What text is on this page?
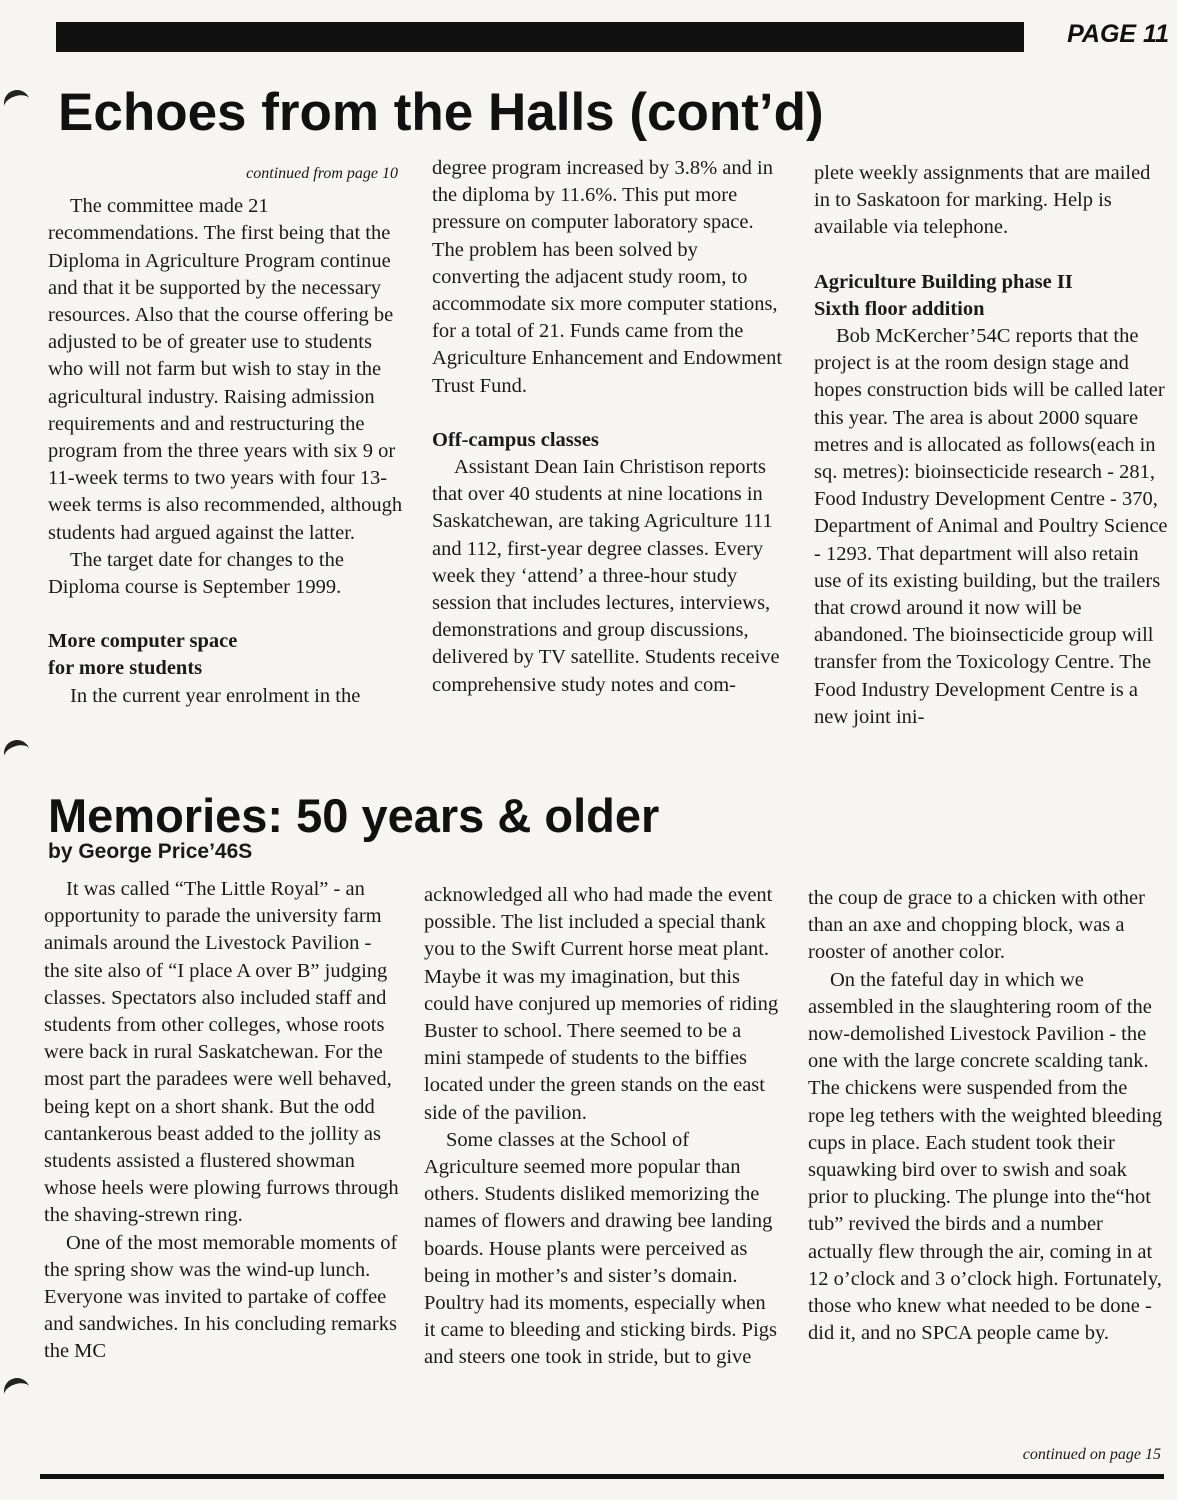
PAGE 11
Echoes from the Halls (cont’d)
continued from page 10

The committee made 21 recommendations. The first being that the Diploma in Agriculture Program continue and that it be supported by the necessary resources. Also that the course offering be adjusted to be of greater use to students who will not farm but wish to stay in the agricultural industry. Raising admission requirements and and restructuring the program from the three years with six 9 or 11-week terms to two years with four 13-week terms is also recommended, although students had argued against the latter.

The target date for changes to the Diploma course is September 1999.

More computer space
for more students

In the current year enrolment in the

degree program increased by 3.8% and in the diploma by 11.6%. This put more pressure on computer laboratory space. The problem has been solved by converting the adjacent study room, to accommodate six more computer stations, for a total of 21. Funds came from the Agriculture Enhancement and Endowment Trust Fund.

Off-campus classes

Assistant Dean Iain Christison reports that over 40 students at nine locations in Saskatchewan, are taking Agriculture 111 and 112, first-year degree classes. Every week they ‘attend’ a three-hour study session that includes lectures, interviews, demonstrations and group discussions, delivered by TV satellite. Students receive comprehensive study notes and com-

plete weekly assignments that are mailed in to Saskatoon for marking. Help is available via telephone.

Agriculture Building phase II
Sixth floor addition

Bob McKercher’54C reports that the project is at the room design stage and hopes construction bids will be called later this year. The area is about 2000 square metres and is allocated as follows(each in sq. metres): bioinsecticide research - 281, Food Industry Development Centre - 370, Department of Animal and Poultry Science - 1293. That department will also retain use of its existing building, but the trailers that crowd around it now will be abandoned. The bioinsecticide group will transfer from the Toxicology Centre. The Food Industry Development Centre is a new joint ini-

Memories: 50 years & older
by George Price’46S

It was called “The Little Royal” - an opportunity to parade the university farm animals around the Livestock Pavilion - the site also of “I place A over B” judging classes. Spectators also included staff and students from other colleges, whose roots were back in rural Saskatchewan. For the most part the paradees were well behaved, being kept on a short shank. But the odd cantankerous beast added to the jollity as students assisted a flustered showman whose heels were plowing furrows through the shaving-strewn ring.

One of the most memorable moments of the spring show was the wind-up lunch. Everyone was invited to partake of coffee and sandwiches. In his concluding remarks the MC

acknowledged all who had made the event possible. The list included a special thank you to the Swift Current horse meat plant. Maybe it was my imagination, but this could have conjured up memories of riding Buster to school. There seemed to be a mini stampede of students to the biffies located under the green stands on the east side of the pavilion.

Some classes at the School of Agriculture seemed more popular than others. Students disliked memorizing the names of flowers and drawing bee landing boards. House plants were perceived as being in mother’s and sister’s domain. Poultry had its moments, especially when it came to bleeding and sticking birds. Pigs and steers one took in stride, but to give

the coup de grace to a chicken with other than an axe and chopping block, was a rooster of another color.

On the fateful day in which we assembled in the slaughtering room of the now-demolished Livestock Pavilion - the one with the large concrete scalding tank. The chickens were suspended from the rope leg tethers with the weighted bleeding cups in place. Each student took their squawking bird over to swish and soak prior to plucking. The plunge into the“hot tub” revived the birds and a number actually flew through the air, coming in at 12 o’clock and 3 o’clock high. Fortunately, those who knew what needed to be done - did it, and no SPCA people came by.

continued on page 15
